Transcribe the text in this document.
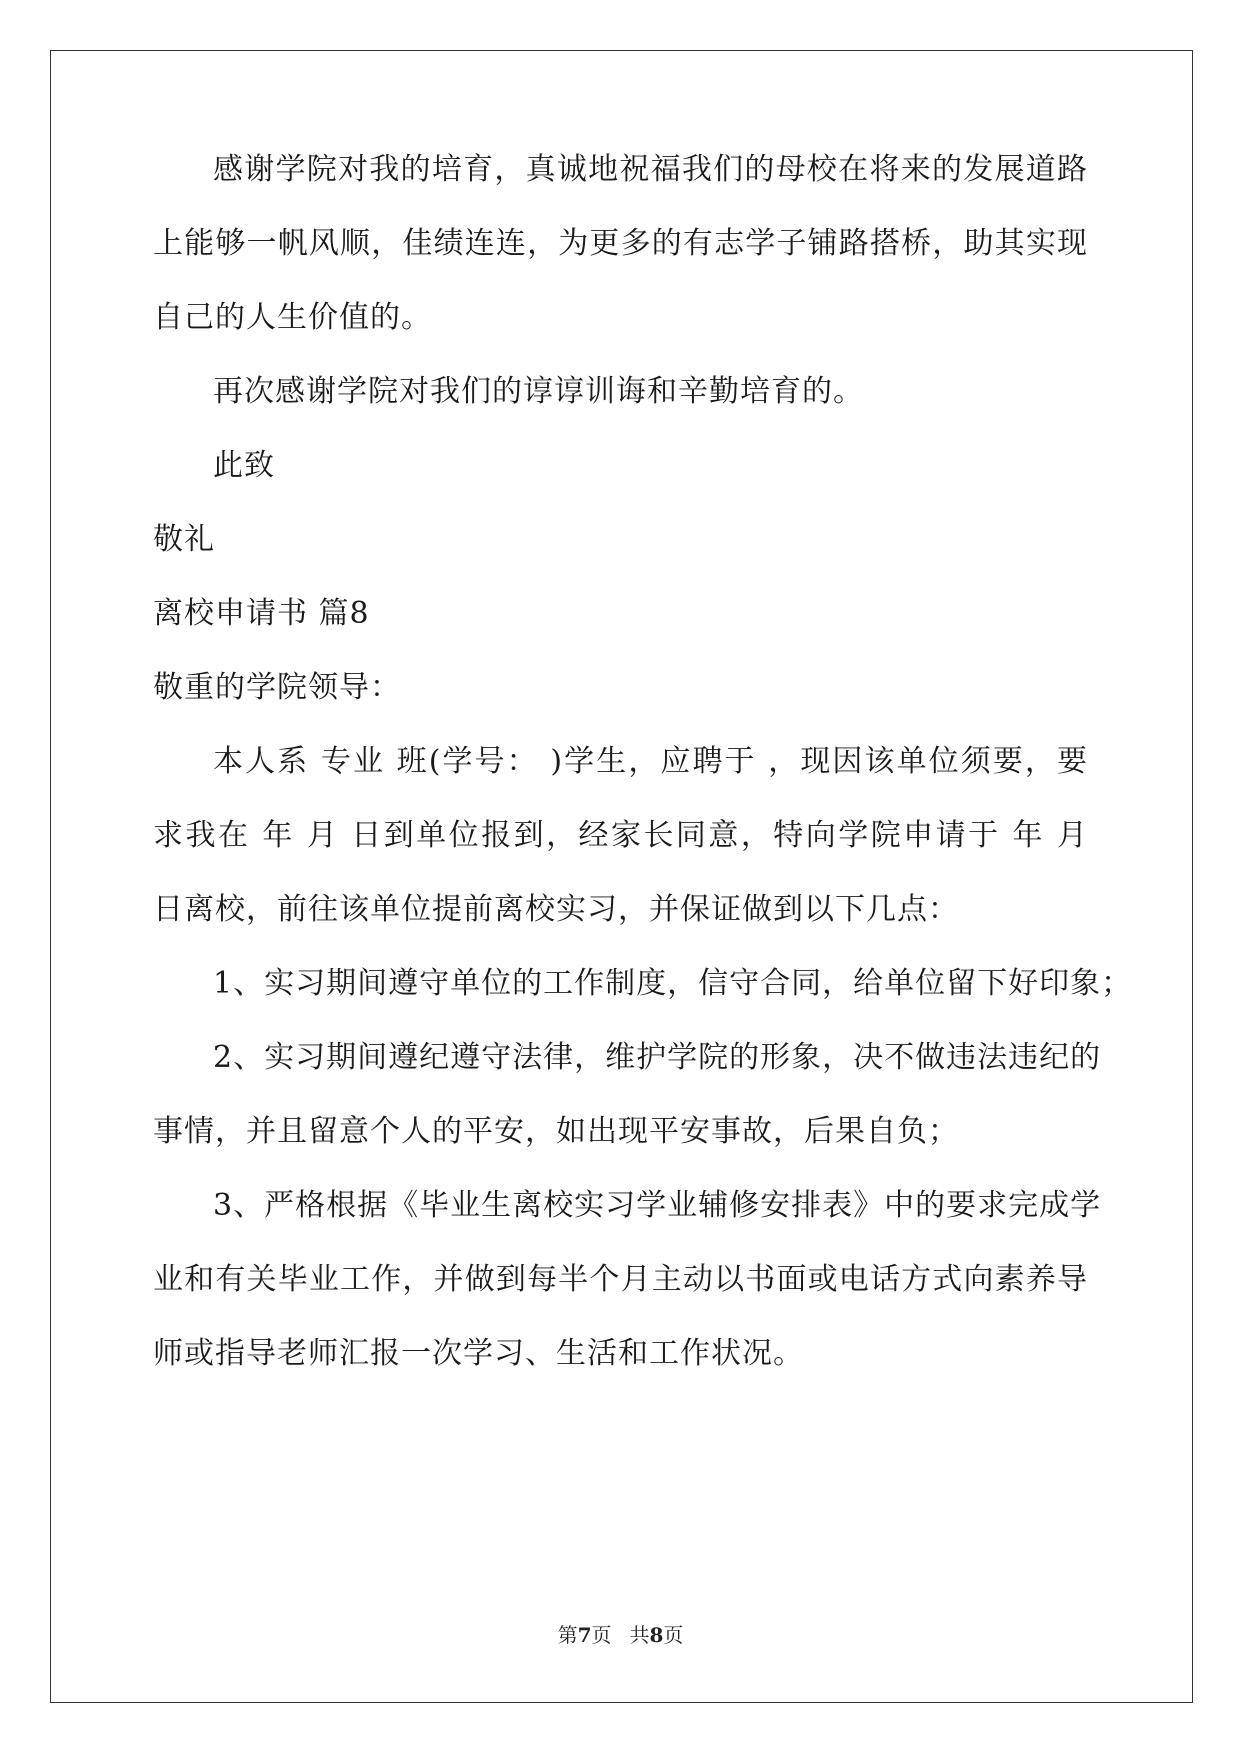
感谢学院对我的培育，真诚地祝福我们的母校在将来的发展道路
上能够一帆风顺，佳绩连连，为更多的有志学子铺路搭桥，助其实现
自己的人生价值的。
再次感谢学院对我们的谆谆训诲和辛勤培育的。
此致
敬礼
离校申请书 篇8
敬重的学院领导：
本人系 专业 班(学号： )学生，应聘于 ，现因该单位须要，要
求我在 年 月 日到单位报到，经家长同意，特向学院申请于 年 月
日离校，前往该单位提前离校实习，并保证做到以下几点：
1、实习期间遵守单位的工作制度，信守合同，给单位留下好印象；
2、实习期间遵纪遵守法律，维护学院的形象，决不做违法违纪的
事情，并且留意个人的平安，如出现平安事故，后果自负；
3、严格根据《毕业生离校实习学业辅修安排表》中的要求完成学
业和有关毕业工作，并做到每半个月主动以书面或电话方式向素养导
师或指导老师汇报一次学习、生活和工作状况。
第7页 共8页
